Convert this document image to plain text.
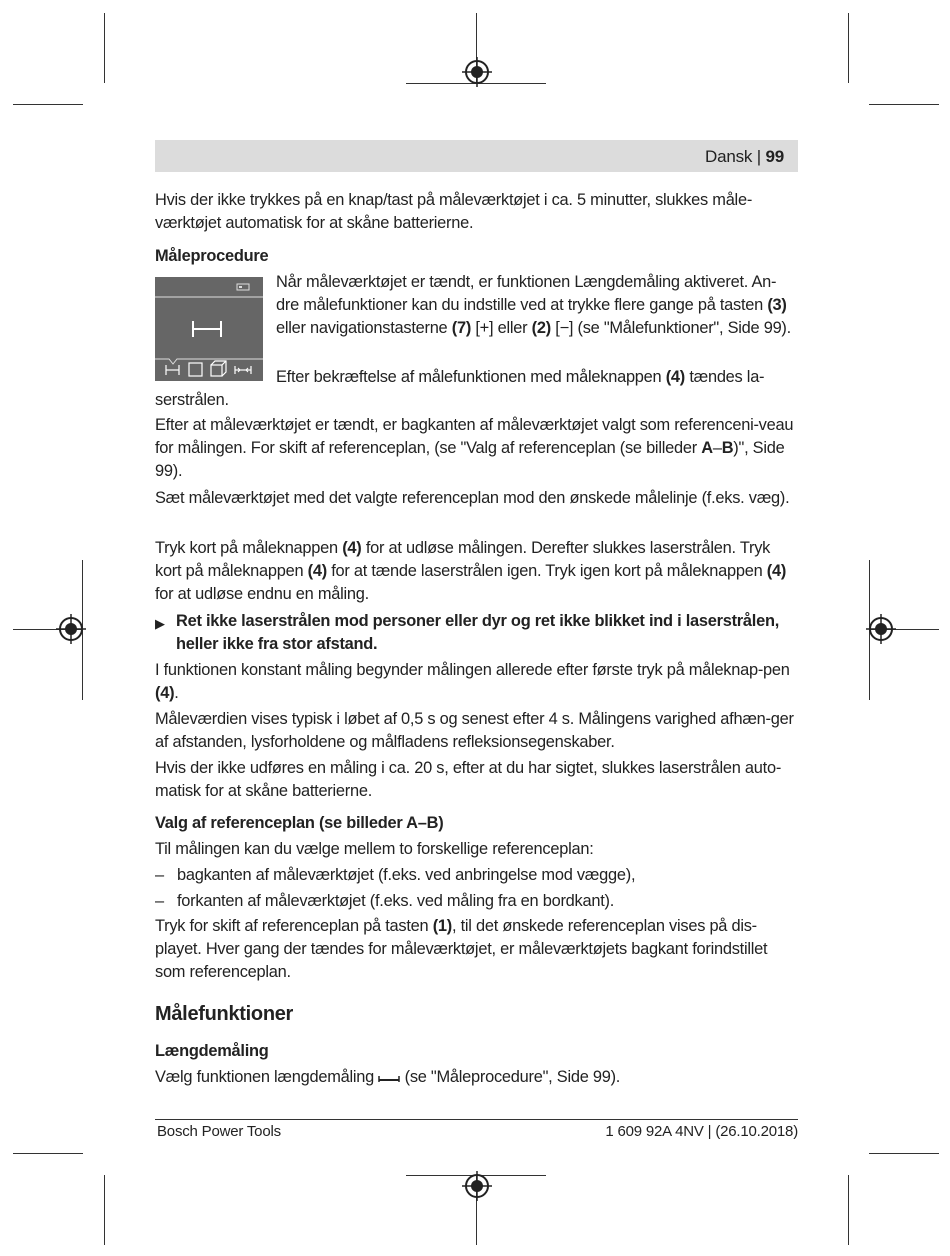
Dansk | 99

Hvis der ikke trykkes på en knap/tast på måleværktøjet i ca. 5 minutter, slukkes måle-værktøjet automatisk for at skåne batterierne.

Måleprocedure
Når måleværktøjet er tændt, er funktionen Længdemåling aktiveret. An-dre målefunktioner kan du indstille ved at trykke flere gange på tasten (3) eller navigationstasterne (7) [+] eller (2) [−] (se "Målefunktioner", Side 99).
Efter bekræftelse af målefunktionen med måleknappen (4) tændes la-serstrålen.
Efter at måleværktøjet er tændt, er bagkanten af måleværktøjet valgt som referenceni-veau for målingen. For skift af referenceplan, (se "Valg af referenceplan (se billeder A–B)", Side 99).
Sæt måleværktøjet med det valgte referenceplan mod den ønskede målelinje (f.eks. væg).
Tryk kort på måleknappen (4) for at udløse målingen. Derefter slukkes laserstrålen. Tryk kort på måleknappen (4) for at tænde laserstrålen igen. Tryk igen kort på måleknappen (4) for at udløse endnu en måling.
▶ Ret ikke laserstrålen mod personer eller dyr og ret ikke blikket ind i laserstrålen, heller ikke fra stor afstand.
I funktionen konstant måling begynder målingen allerede efter første tryk på måleknap-pen (4).
Måleværdien vises typisk i løbet af 0,5 s og senest efter 4 s. Målingens varighed afhæn-ger af afstanden, lysforholdene og målfladens refleksionsegenskaber.
Hvis der ikke udføres en måling i ca. 20 s, efter at du har sigtet, slukkes laserstrålen auto-matisk for at skåne batterierne.
Valg af referenceplan (se billeder A–B)
Til målingen kan du vælge mellem to forskellige referenceplan:
– bagkanten af måleværktøjet (f.eks. ved anbringelse mod vægge),
– forkanten af måleværktøjet (f.eks. ved måling fra en bordkant).
Tryk for skift af referenceplan på tasten (1), til det ønskede referenceplan vises på dis-playet. Hver gang der tændes for måleværktøjet, er måleværktøjets bagkant forindstillet som referenceplan.
Målefunktioner
Længdemåling
Vælg funktionen længdemåling (se "Måleprocedure", Side 99).
Bosch Power Tools	1 609 92A 4NV | (26.10.2018)
